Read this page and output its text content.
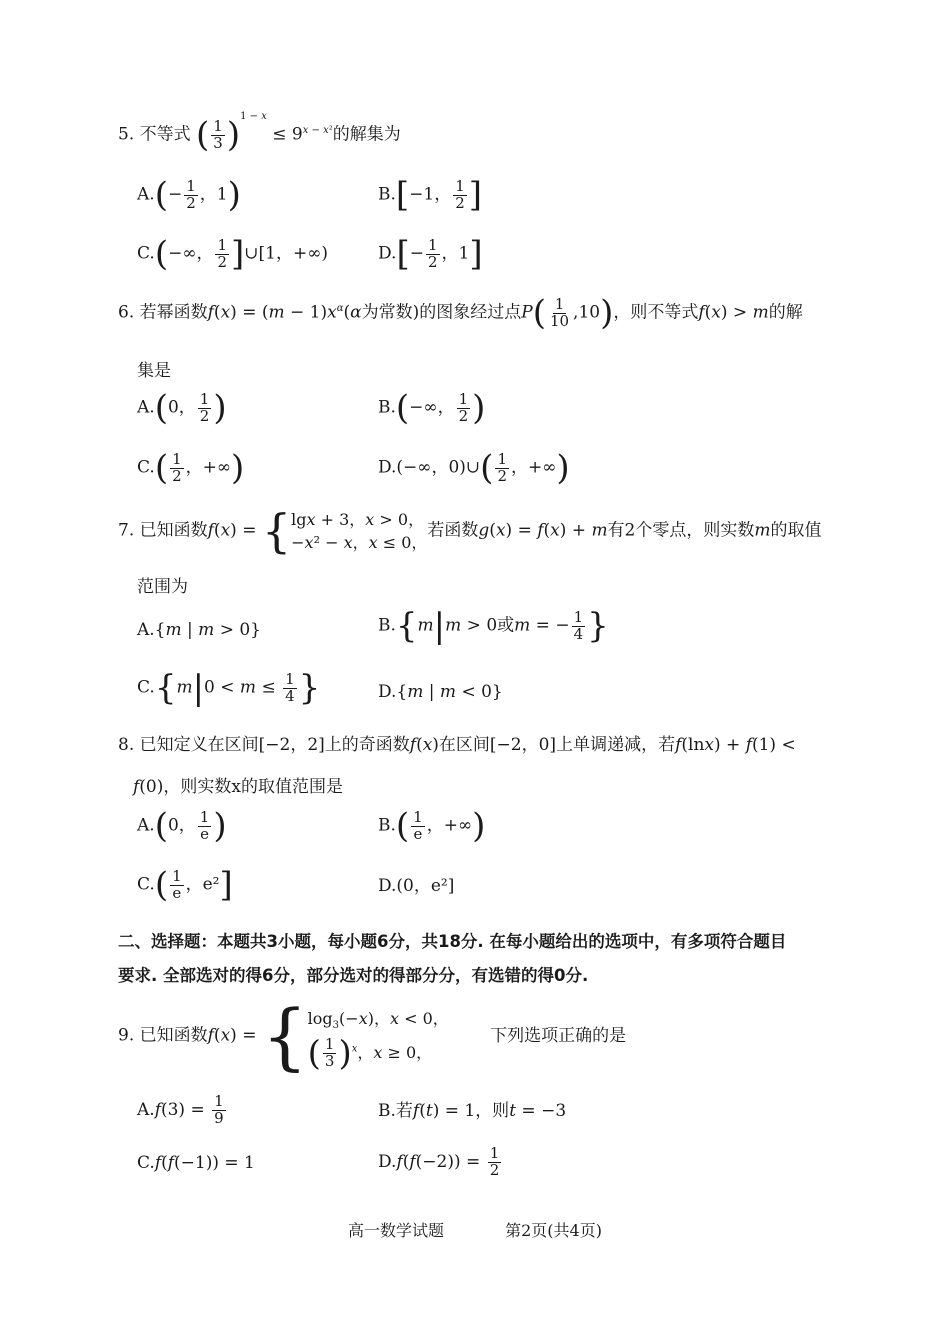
5. 不等式 ( $\frac{1}{3} )^{1 - x} \le 9^{x - x^2}$的解集为
$A.(- \frac{1}{2}$ ，1)	B.[−1， $\frac{1}{2}$ ]
C.(−∞， $\frac{1}{2}$ ]∪[1，+∞)	$D.[- \frac{1}{2}$ ，1]
6. 若幂函数$f(x) = (m - 1)x^\alpha(\alpha$为常数)的图象经过点$P( \frac{1}{10} ,10)$，则不等式f(x) > m的解
集是
A.(0， $\frac{1}{2}$ )	B.(−∞， $\frac{1}{2}$ )
$C.( \frac{1}{2}$ ，+∞)	D.(−∞，0)∪( $\frac{1}{2}$ ，+∞)
7. 已知函数f(x) = { lgx + 3，x > 0，
−x² − x，x ≤ 0，
若函数g(x) = f(x) + m有2个零点，则实数m的取值
范围为
A.{m | m > 0}	B.{m|m > 0或m = − $\frac{1}{4}$ }
$C.\{m|0 < m \le \frac{1}{4}$ }	D.{m | m < 0}
8. 已知定义在区间[−2，2]上的奇函数f(x)在区间[−2，0]上单调递减，若f(lnx) + f(1) <
f(0)，则实数x的取值范围是
A.(0， $\frac{1}{e}$ )	$B.( \frac{1}{e}$ ，+∞)
$C.( \frac{1}{e}$ ，e²]	D.(0，e²]
二、选择题：本题共3小题，每小题6分，共18分. 在每小题给出的选项中，有多项符合题目
要求. 全部选对的得6分，部分选对的得部分分，有选错的得0分.
9. 已知函数f(x) = { $\log_3(-x)$，x < 0，
( $\frac{1}{3} )^x$，x ≥ 0，
下列选项正确的是
$A.f(3) = \frac{1}{9}$	B.若f(t) = 1，则t = −3
C.f(f(−1)) = 1	$D.f(f(-2)) = \frac{1}{2}$
高一数学试题	第2页(共4页)
